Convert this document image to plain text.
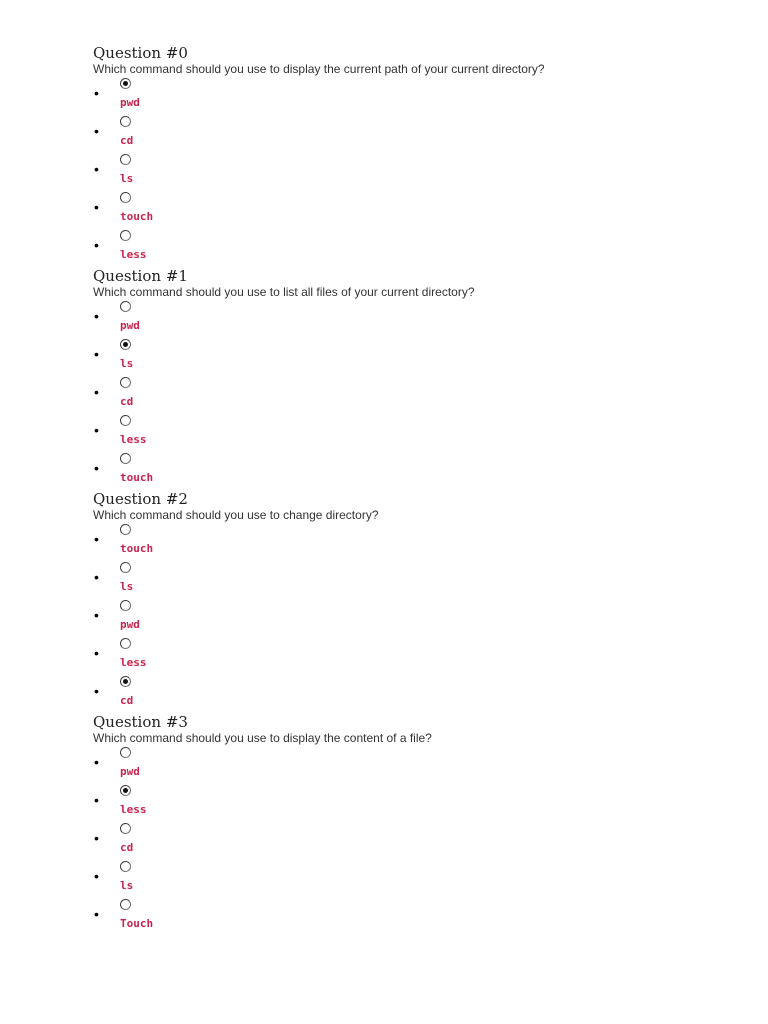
Question #0

Which command should you use to display the current path of your current directory?

•
pwd
•
cd
•
ls
•
touch
•
less
Question #1

Which command should you use to list all files of your current directory?

•
pwd
•
ls
•
cd
•
less
•
touch
Question #2

Which command should you use to change directory?

•
touch
•
ls
•
pwd
•
less
•
cd
Question #3

Which command should you use to display the content of a file?

•
pwd
•
less
•
cd
•
ls
•
Touch
